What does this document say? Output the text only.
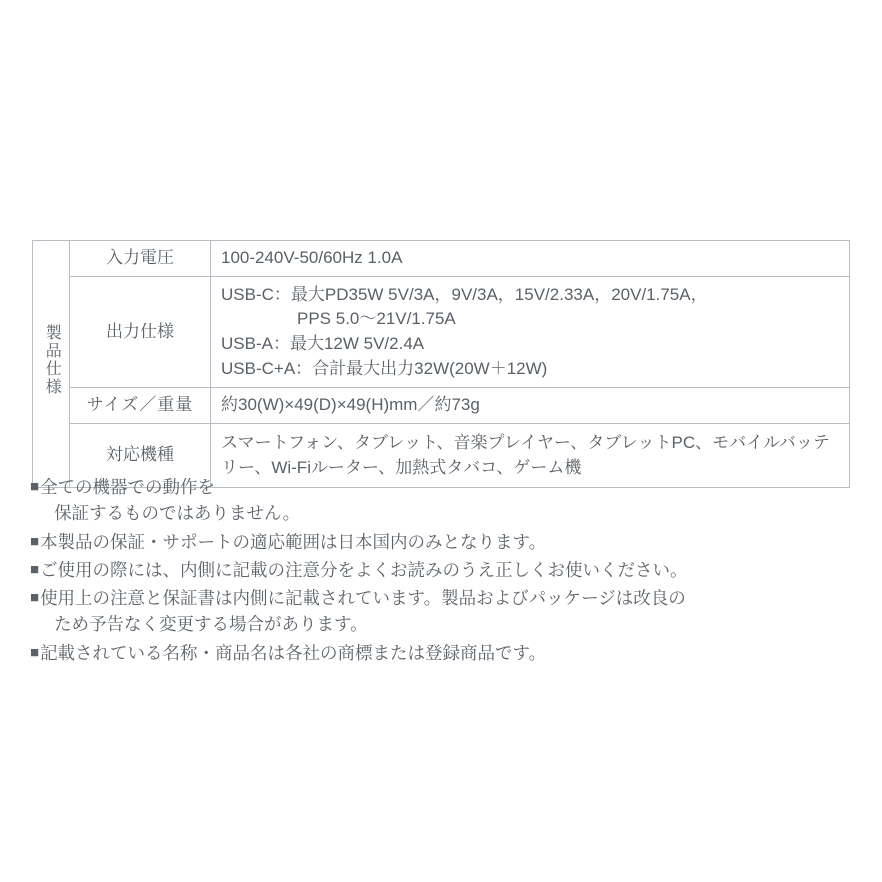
製品仕様	入力電圧	100-240V-50/60Hz 1.0A

	出力仕様	USB-C：最大PD35W 5V/3A，9V/3A，15V/2.33A，20V/1.75A，
PPS 5.0〜21V/1.75A
USB-A：最大12W 5V/2.4A
USB-C+A：合計最大出力32W(20W＋12W)

	サイズ／重量	約30(W)×49(D)×49(H)mm／約73g

	対応機種	スマートフォン、タブレット、音楽プレイヤー、タブレットPC、モバイルバッテリー、Wi-Fiルーター、加熱式タバコ、ゲーム機
■ 全ての機器での動作を
保証するものではありません。
■ 本製品の保証・サポートの適応範囲は日本国内のみとなります。
■ ご使用の際には、内側に記載の注意分をよくお読みのうえ正しくお使いください。
■ 使用上の注意と保証書は内側に記載されています。製品およびパッケージは改良の
ため予告なく変更する場合があります。
■ 記載されている名称・商品名は各社の商標または登録商品です。
